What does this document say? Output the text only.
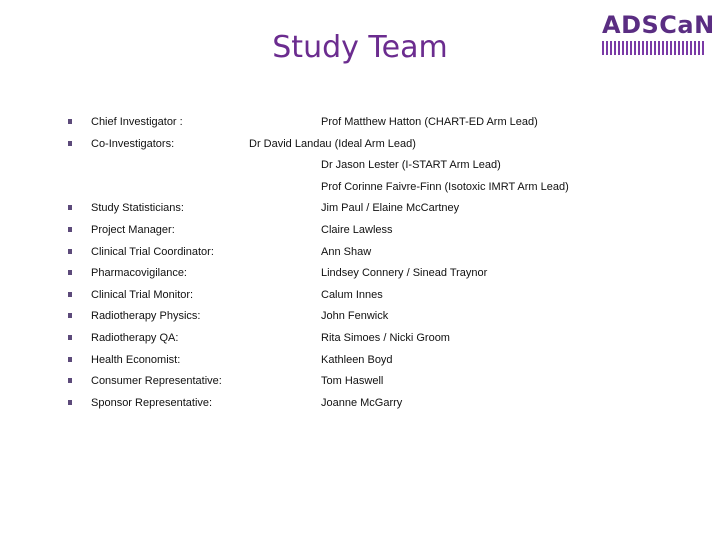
ADSCaN
Study Team
Chief Investigator :	Prof Matthew Hatton (CHART-ED Arm Lead)
Co-Investigators:	Dr David Landau (Ideal Arm Lead)
Dr Jason Lester (I-START Arm Lead)
Prof Corinne Faivre-Finn (Isotoxic IMRT Arm Lead)
Study Statisticians:	Jim Paul / Elaine McCartney
Project Manager:	Claire Lawless
Clinical Trial Coordinator:	Ann Shaw
Pharmacovigilance:	Lindsey Connery / Sinead Traynor
Clinical Trial Monitor:	Calum Innes
Radiotherapy Physics:	John Fenwick
Radiotherapy QA:	Rita Simoes / Nicki Groom
Health Economist:	Kathleen Boyd
Consumer Representative:	Tom Haswell
Sponsor Representative:	Joanne McGarry
